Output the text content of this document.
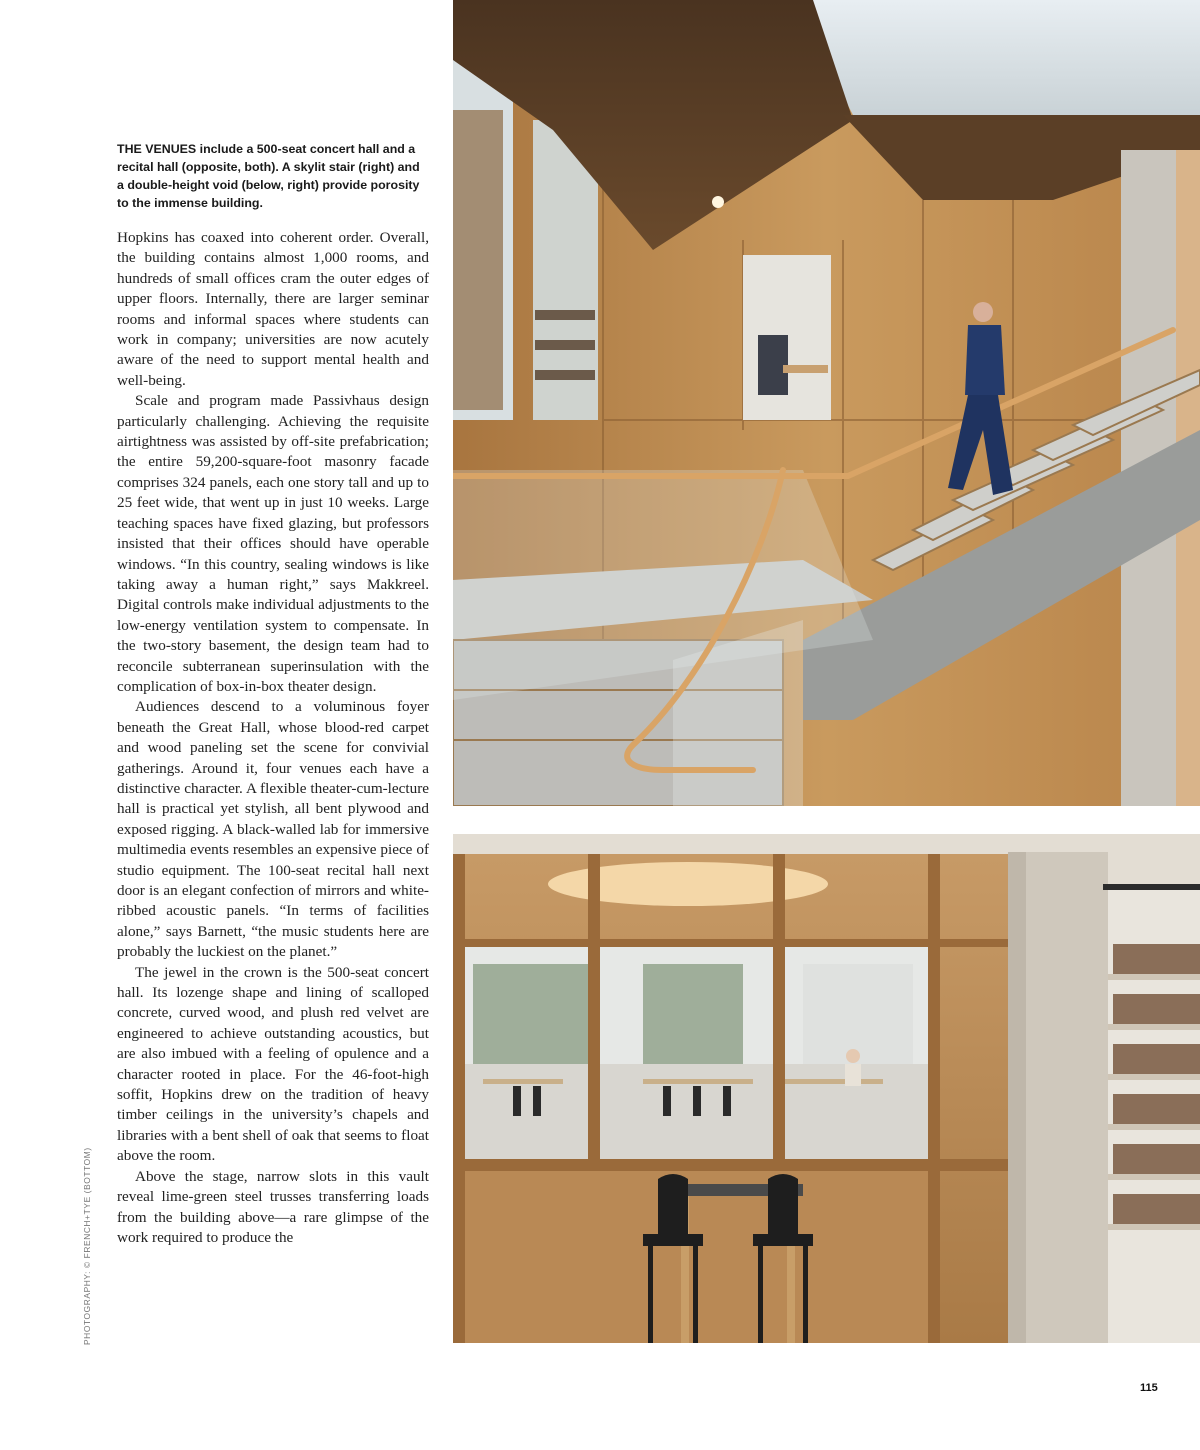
THE VENUES include a 500-seat concert hall and a recital hall (opposite, both). A skylit stair (right) and a double-height void (below, right) provide porosity to the immense building.

Hopkins has coaxed into coherent order. Overall, the building contains almost 1,000 rooms, and hundreds of small offices cram the outer edges of upper floors. Internally, there are larger seminar rooms and informal spaces where students can work in company; universities are now acutely aware of the need to support mental health and well-being.

Scale and program made Passivhaus design particularly challenging. Achieving the requisite airtightness was assisted by off-site prefabrication; the entire 59,200-square-foot masonry facade comprises 324 panels, each one story tall and up to 25 feet wide, that went up in just 10 weeks. Large teaching spaces have fixed glazing, but professors insisted that their offices should have operable windows. “In this country, sealing windows is like taking away a human right,” says Makkreel. Digital controls make individual adjustments to the low-energy ventilation system to compensate. In the two-story basement, the design team had to reconcile subterranean superinsulation with the complication of box-in-box theater design.

Audiences descend to a voluminous foyer beneath the Great Hall, whose blood-red carpet and wood paneling set the scene for convivial gatherings. Around it, four venues each have a distinctive character. A flexible theater-cum-lecture hall is practical yet stylish, all bent plywood and exposed rigging. A black-walled lab for immersive multimedia events resembles an expensive piece of studio equipment. The 100-seat recital hall next door is an elegant confection of mirrors and white-ribbed acoustic panels. “In terms of facilities alone,” says Barnett, “the music students here are probably the luckiest on the planet.”

The jewel in the crown is the 500-seat concert hall. Its lozenge shape and lining of scalloped concrete, curved wood, and plush red velvet are engineered to achieve outstanding acoustics, but are also imbued with a feeling of opulence and a character rooted in place. For the 46-foot-high soffit, Hopkins drew on the tradition of heavy timber ceilings in the university’s chapels and libraries with a bent shell of oak that seems to float above the room.

Above the stage, narrow slots in this vault reveal lime-green steel trusses transferring loads from the building above—a rare glimpse of the work required to produce the

PHOTOGRAPHY: © FRENCH+TYE (BOTTOM)
115
